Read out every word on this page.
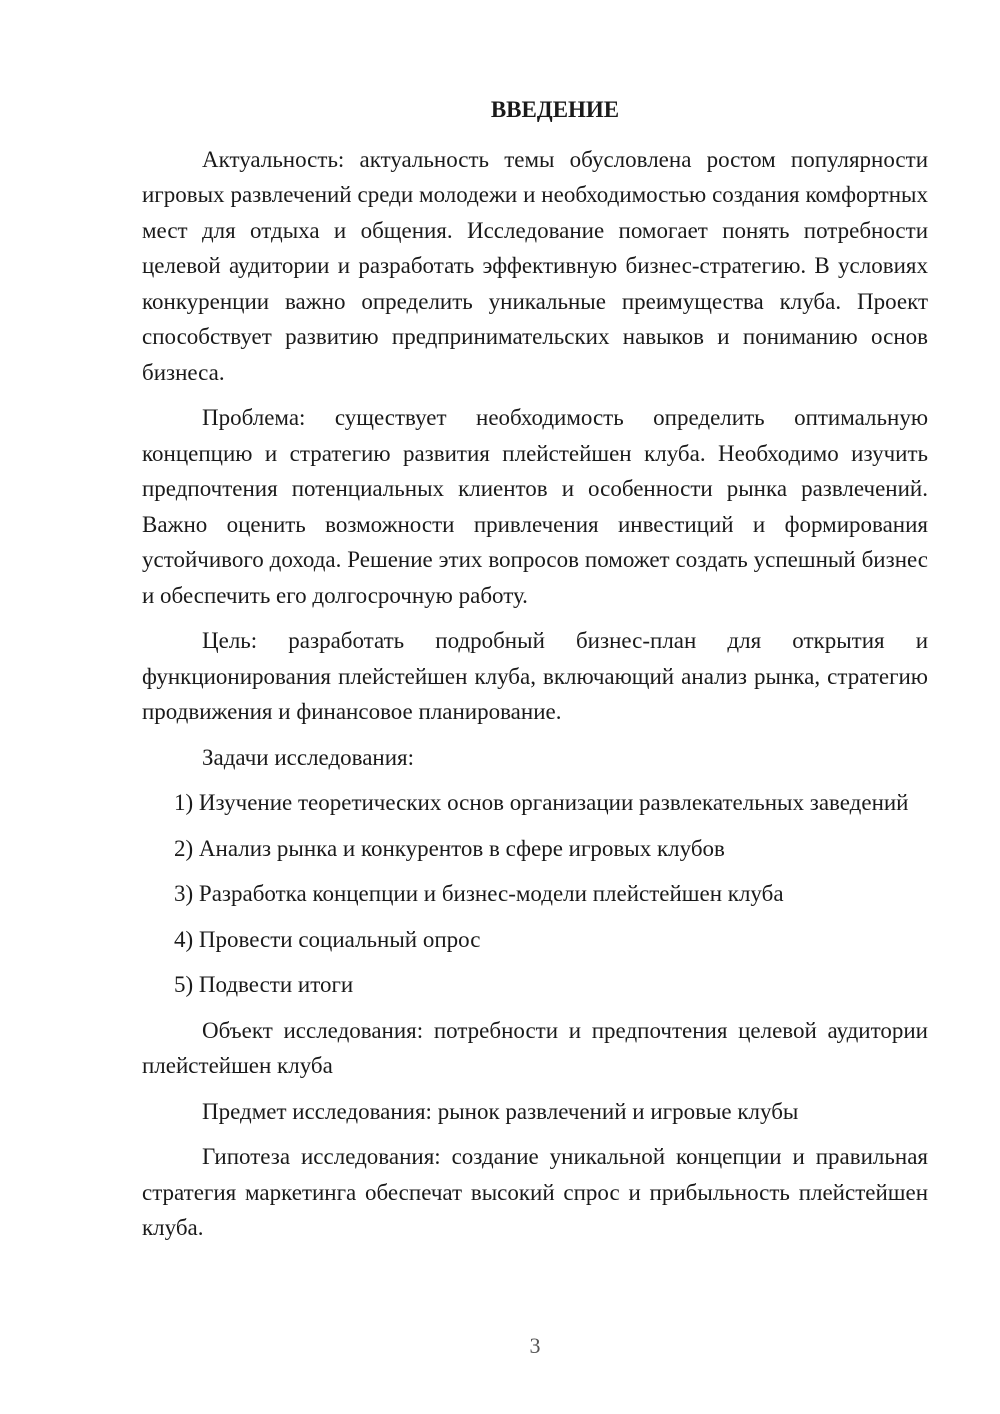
ВВЕДЕНИЕ

Актуальность: актуальность темы обусловлена ростом популярности игровых развлечений среди молодежи и необходимостью создания комфортных мест для отдыха и общения. Исследование помогает понять потребности целевой аудитории и разработать эффективную бизнес-стратегию. В условиях конкуренции важно определить уникальные преимущества клуба. Проект способствует развитию предпринимательских навыков и пониманию основ бизнеса.

Проблема: существует необходимость определить оптимальную концепцию и стратегию развития плейстейшен клуба. Необходимо изучить предпочтения потенциальных клиентов и особенности рынка развлечений. Важно оценить возможности привлечения инвестиций и формирования устойчивого дохода. Решение этих вопросов поможет создать успешный бизнес и обеспечить его долгосрочную работу.

Цель: разработать подробный бизнес-план для открытия и функционирования плейстейшен клуба, включающий анализ рынка, стратегию продвижения и финансовое планирование.

Задачи исследования:

1) Изучение теоретических основ организации развлекательных заведений
2) Анализ рынка и конкурентов в сфере игровых клубов
3) Разработка концепции и бизнес-модели плейстейшен клуба
4) Провести социальный опрос
5) Подвести итоги

Объект исследования: потребности и предпочтения целевой аудитории плейстейшен клуба

Предмет исследования: рынок развлечений и игровые клубы

Гипотеза исследования: создание уникальной концепции и правильная стратегия маркетинга обеспечат высокий спрос и прибыльность плейстейшен клуба.

3
